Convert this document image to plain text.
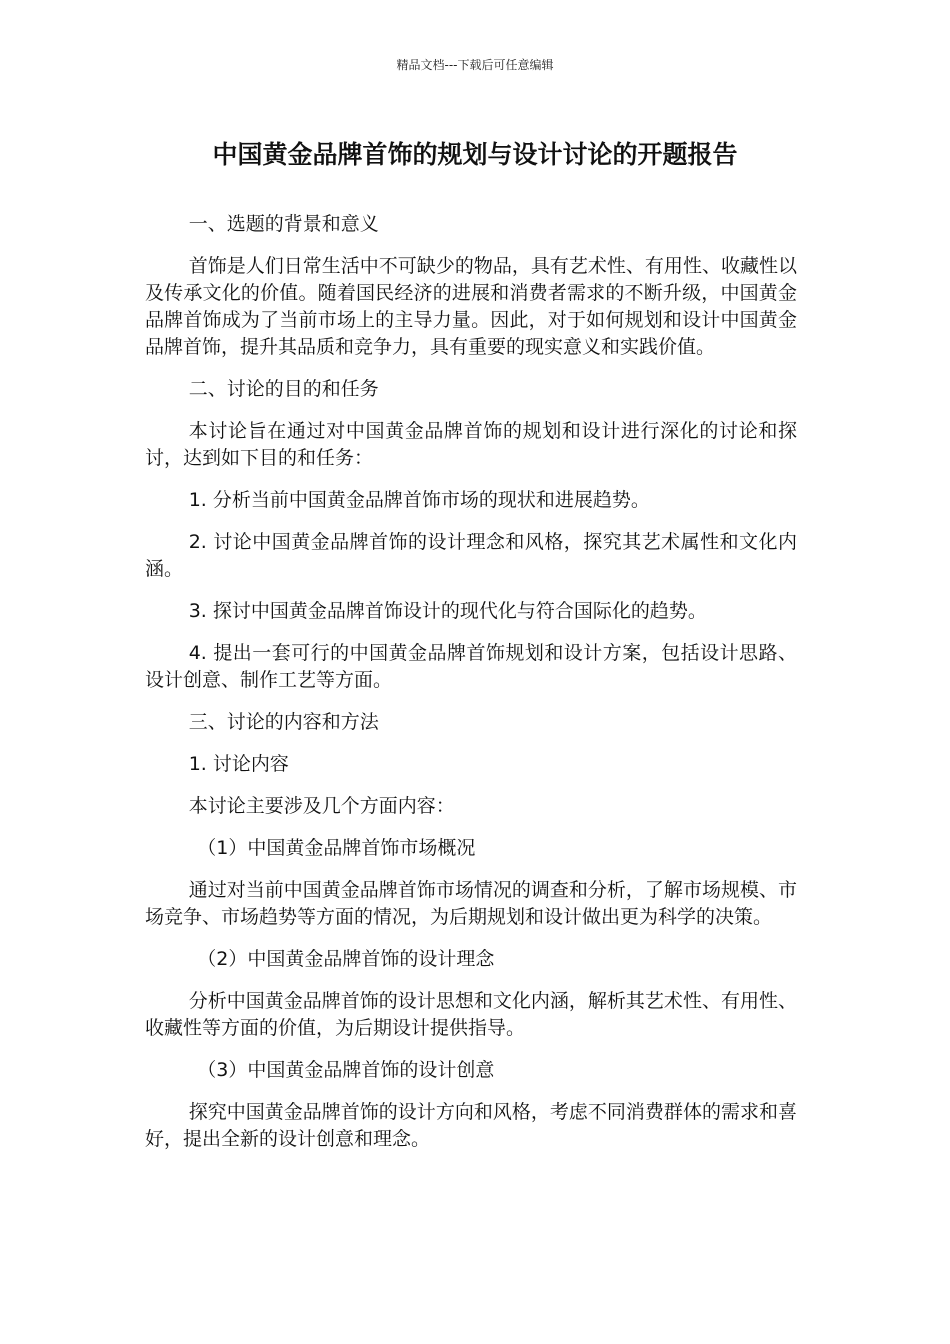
精品文档---下载后可任意编辑
中国黄金品牌首饰的规划与设计讨论的开题报告

一、选题的背景和意义

首饰是人们日常生活中不可缺少的物品，具有艺术性、有用性、收藏性以及传承文化的价值。随着国民经济的进展和消费者需求的不断升级，中国黄金品牌首饰成为了当前市场上的主导力量。因此，对于如何规划和设计中国黄金品牌首饰，提升其品质和竞争力，具有重要的现实意义和实践价值。

二、讨论的目的和任务

本讨论旨在通过对中国黄金品牌首饰的规划和设计进行深化的讨论和探讨，达到如下目的和任务：

1. 分析当前中国黄金品牌首饰市场的现状和进展趋势。

2. 讨论中国黄金品牌首饰的设计理念和风格，探究其艺术属性和文化内涵。

3. 探讨中国黄金品牌首饰设计的现代化与符合国际化的趋势。

4. 提出一套可行的中国黄金品牌首饰规划和设计方案，包括设计思路、设计创意、制作工艺等方面。

三、讨论的内容和方法

1. 讨论内容

本讨论主要涉及几个方面内容：

（1）中国黄金品牌首饰市场概况

通过对当前中国黄金品牌首饰市场情况的调查和分析，了解市场规模、市场竞争、市场趋势等方面的情况，为后期规划和设计做出更为科学的决策。

（2）中国黄金品牌首饰的设计理念

分析中国黄金品牌首饰的设计思想和文化内涵，解析其艺术性、有用性、收藏性等方面的价值，为后期设计提供指导。

（3）中国黄金品牌首饰的设计创意

探究中国黄金品牌首饰的设计方向和风格，考虑不同消费群体的需求和喜好，提出全新的设计创意和理念。
